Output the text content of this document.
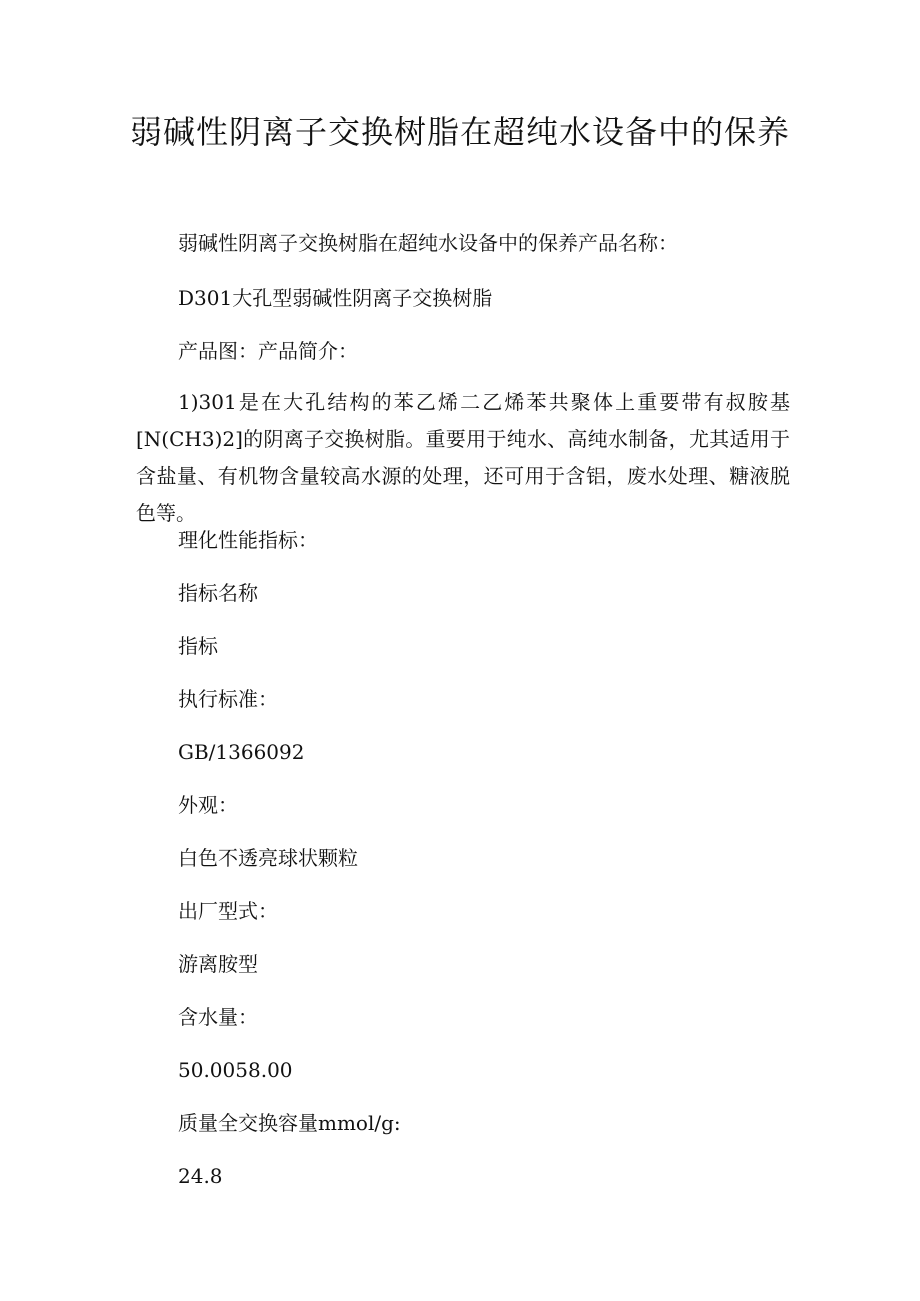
弱碱性阴离子交换树脂在超纯水设备中的保养

弱碱性阴离子交换树脂在超纯水设备中的保养产品名称：

D301大孔型弱碱性阴离子交换树脂

产品图：产品简介：

1)301是在大孔结构的苯乙烯二乙烯苯共聚体上重要带有叔胺基[N(CH3)2]的阴离子交换树脂。重要用于纯水、高纯水制备，尤其适用于含盐量、有机物含量较高水源的处理，还可用于含铝，废水处理、糖液脱色等。

理化性能指标：

指标名称

指标

执行标准：

GB/1366092

外观：

白色不透亮球状颗粒

出厂型式：

游离胺型

含水量：

50.0058.00

质量全交换容量mmol/g:

24.8
